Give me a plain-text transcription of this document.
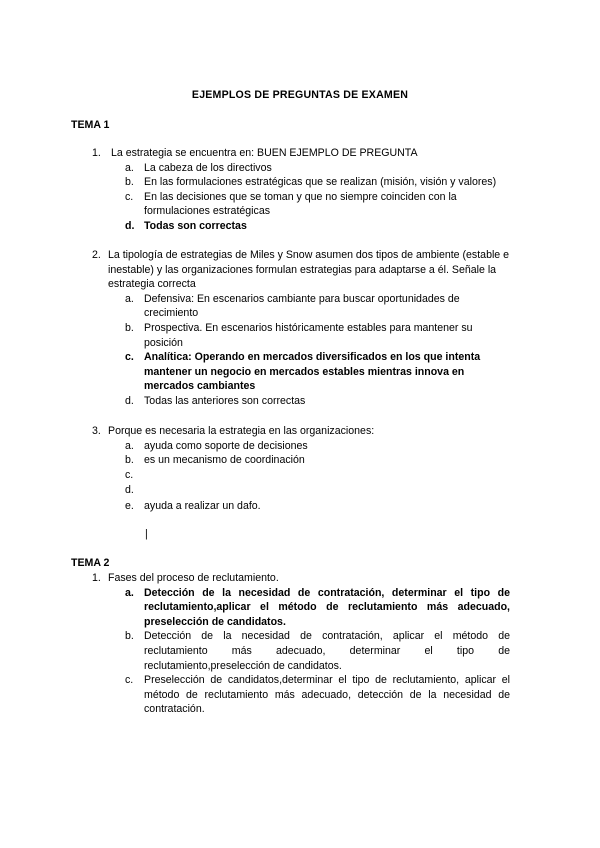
EJEMPLOS DE PREGUNTAS DE EXAMEN
TEMA 1
1. La estrategia se encuentra en: BUEN EJEMPLO DE PREGUNTA
a. La cabeza de los directivos
b. En las formulaciones estratégicas que se realizan (misión, visión y valores)
c. En las decisiones que se toman y que no siempre coinciden con la formulaciones estratégicas
d. Todas son correctas
2. La tipología de estrategias de Miles y Snow asumen dos tipos de ambiente (estable e inestable) y las organizaciones formulan estrategias para adaptarse a él. Señale la estrategia correcta
a. Defensiva: En escenarios cambiante para buscar oportunidades de crecimiento
b. Prospectiva. En escenarios históricamente estables para mantener su posición
c. Analítica: Operando en mercados diversificados en los que intenta mantener un negocio en mercados estables mientras innova en mercados cambiantes
d. Todas las anteriores son correctas
3. Porque es necesaria la estrategia en las organizaciones:
a. ayuda como soporte de decisiones
b. es un mecanismo de coordinación
c.
d.
e. ayuda a realizar un dafo.
|
TEMA 2
1. Fases del proceso de reclutamiento.
a. Detección de la necesidad de contratación, determinar el tipo de reclutamiento,aplicar el método de reclutamiento más adecuado, preselección de candidatos.
b. Detección de la necesidad de contratación, aplicar el método de reclutamiento más adecuado, determinar el tipo de reclutamiento,preselección de candidatos.
c. Preselección de candidatos,determinar el tipo de reclutamiento, aplicar el método de reclutamiento más adecuado, detección de la necesidad de contratación.
